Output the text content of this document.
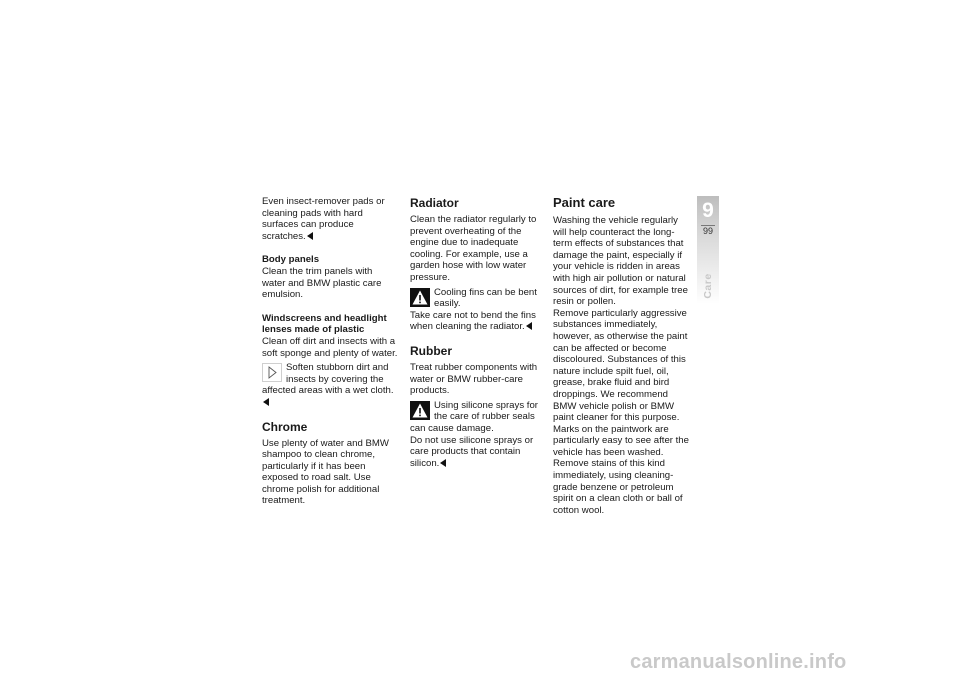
Even insect-remover pads or cleaning pads with hard surfaces can produce scratches.

Body panels

Clean the trim panels with water and BMW plastic care emulsion.

Windscreens and headlight lenses made of plastic

Clean off dirt and insects with a soft sponge and plenty of water.

Soften stubborn dirt and insects by covering the affected areas with a wet cloth.
Chrome

Use plenty of water and BMW shampoo to clean chrome, particularly if it has been exposed to road salt. Use chrome polish for additional treatment.

Radiator

Clean the radiator regularly to prevent overheating of the engine due to inadequate cooling. For example, use a garden hose with low water pressure.

Cooling fins can be bent easily.

Take care not to bend the fins when cleaning the radiator.

Rubber

Treat rubber components with water or BMW rubber-care products.

Using silicone sprays for the care of rubber seals can cause damage.

Do not use silicone sprays or care products that contain silicon.

Paint care

Washing the vehicle regularly will help counteract the long-term effects of substances that damage the paint, especially if your vehicle is ridden in areas with high air pollution or natural sources of dirt, for example tree resin or pollen.

Remove particularly aggressive substances immediately, however, as otherwise the paint can be affected or become discoloured. Substances of this nature include spilt fuel, oil, grease, brake fluid and bird droppings. We recommend BMW vehicle polish or BMW paint cleaner for this purpose.

Marks on the paintwork are particularly easy to see after the vehicle has been washed. Remove stains of this kind immediately, using cleaning-grade benzene or petroleum spirit on a clean cloth or ball of cotton wool.

9
99
Care
carmanualsonline.info
